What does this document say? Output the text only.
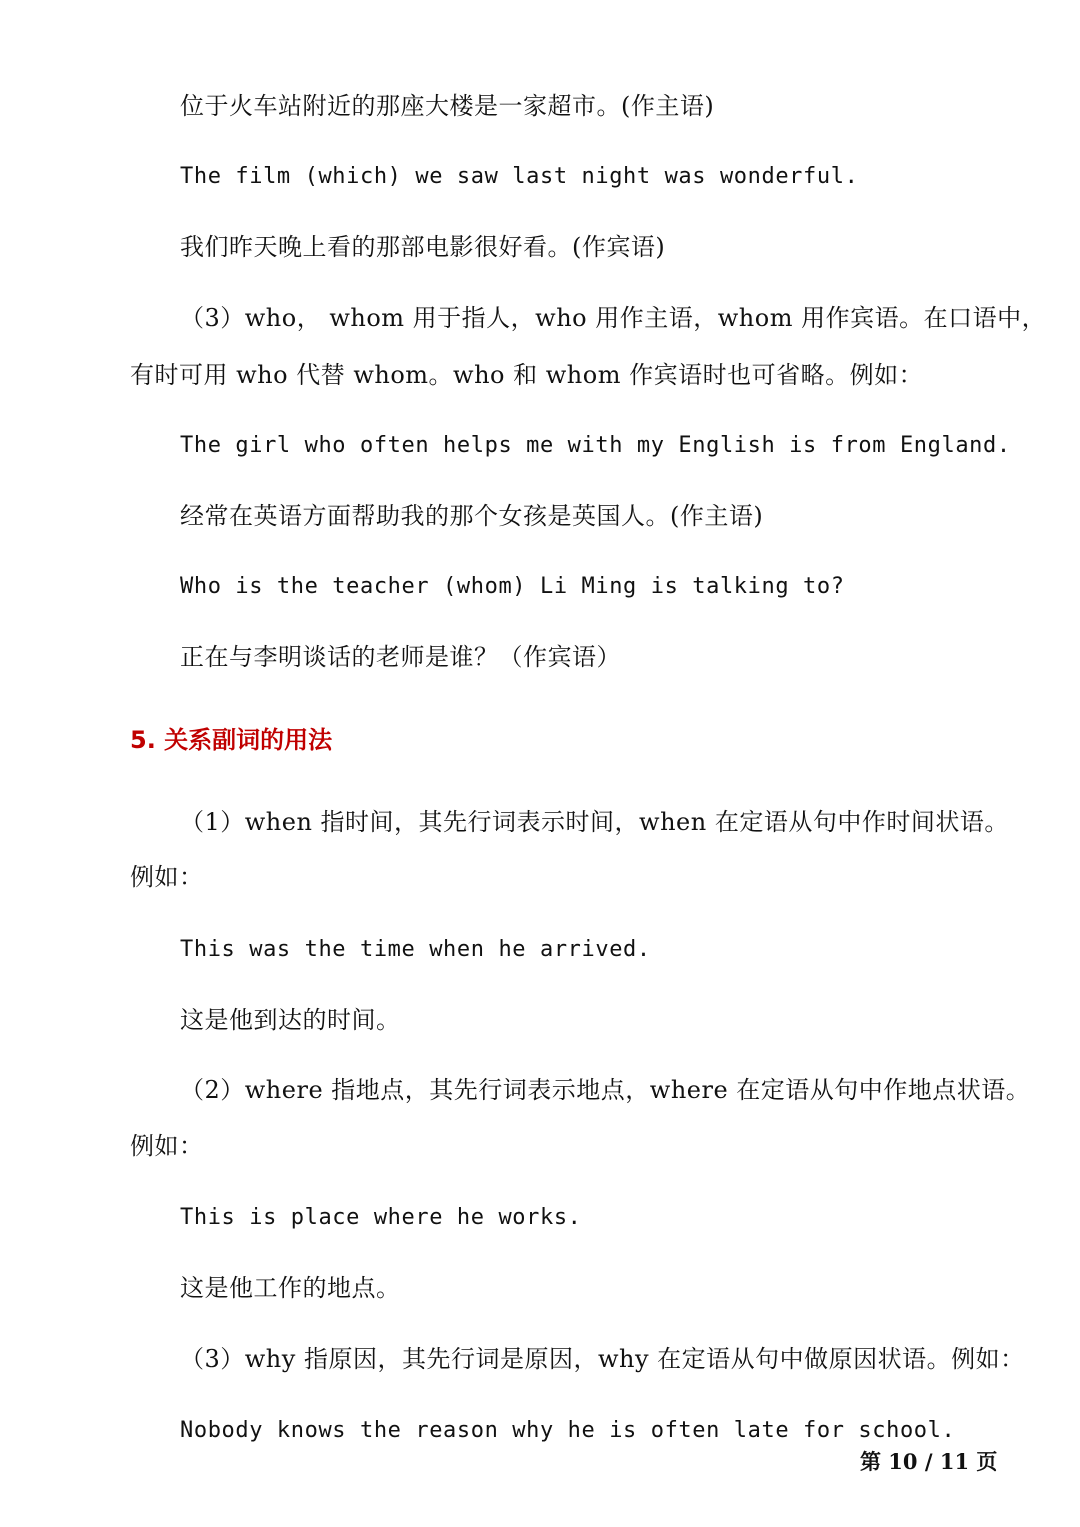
位于火车站附近的那座大楼是一家超市。(作主语)
The film (which) we saw last night was wonderful.
我们昨天晚上看的那部电影很好看。(作宾语)
（3）who， whom 用于指人，who 用作主语，whom 用作宾语。在口语中，
有时可用 who 代替 whom。who 和 whom 作宾语时也可省略。例如：
The girl who often helps me with my English is from England.
经常在英语方面帮助我的那个女孩是英国人。(作主语)
Who is the teacher (whom) Li Ming is talking to?
正在与李明谈话的老师是谁？（作宾语）
5. 关系副词的用法
（1）when 指时间，其先行词表示时间，when 在定语从句中作时间状语。
例如：
This was the time when he arrived.
这是他到达的时间。
（2）where 指地点，其先行词表示地点，where 在定语从句中作地点状语。
例如：
This is place where he works.
这是他工作的地点。
（3）why 指原因，其先行词是原因，why 在定语从句中做原因状语。例如：
Nobody knows the reason why he is often late for school.
第 10 / 11 页
